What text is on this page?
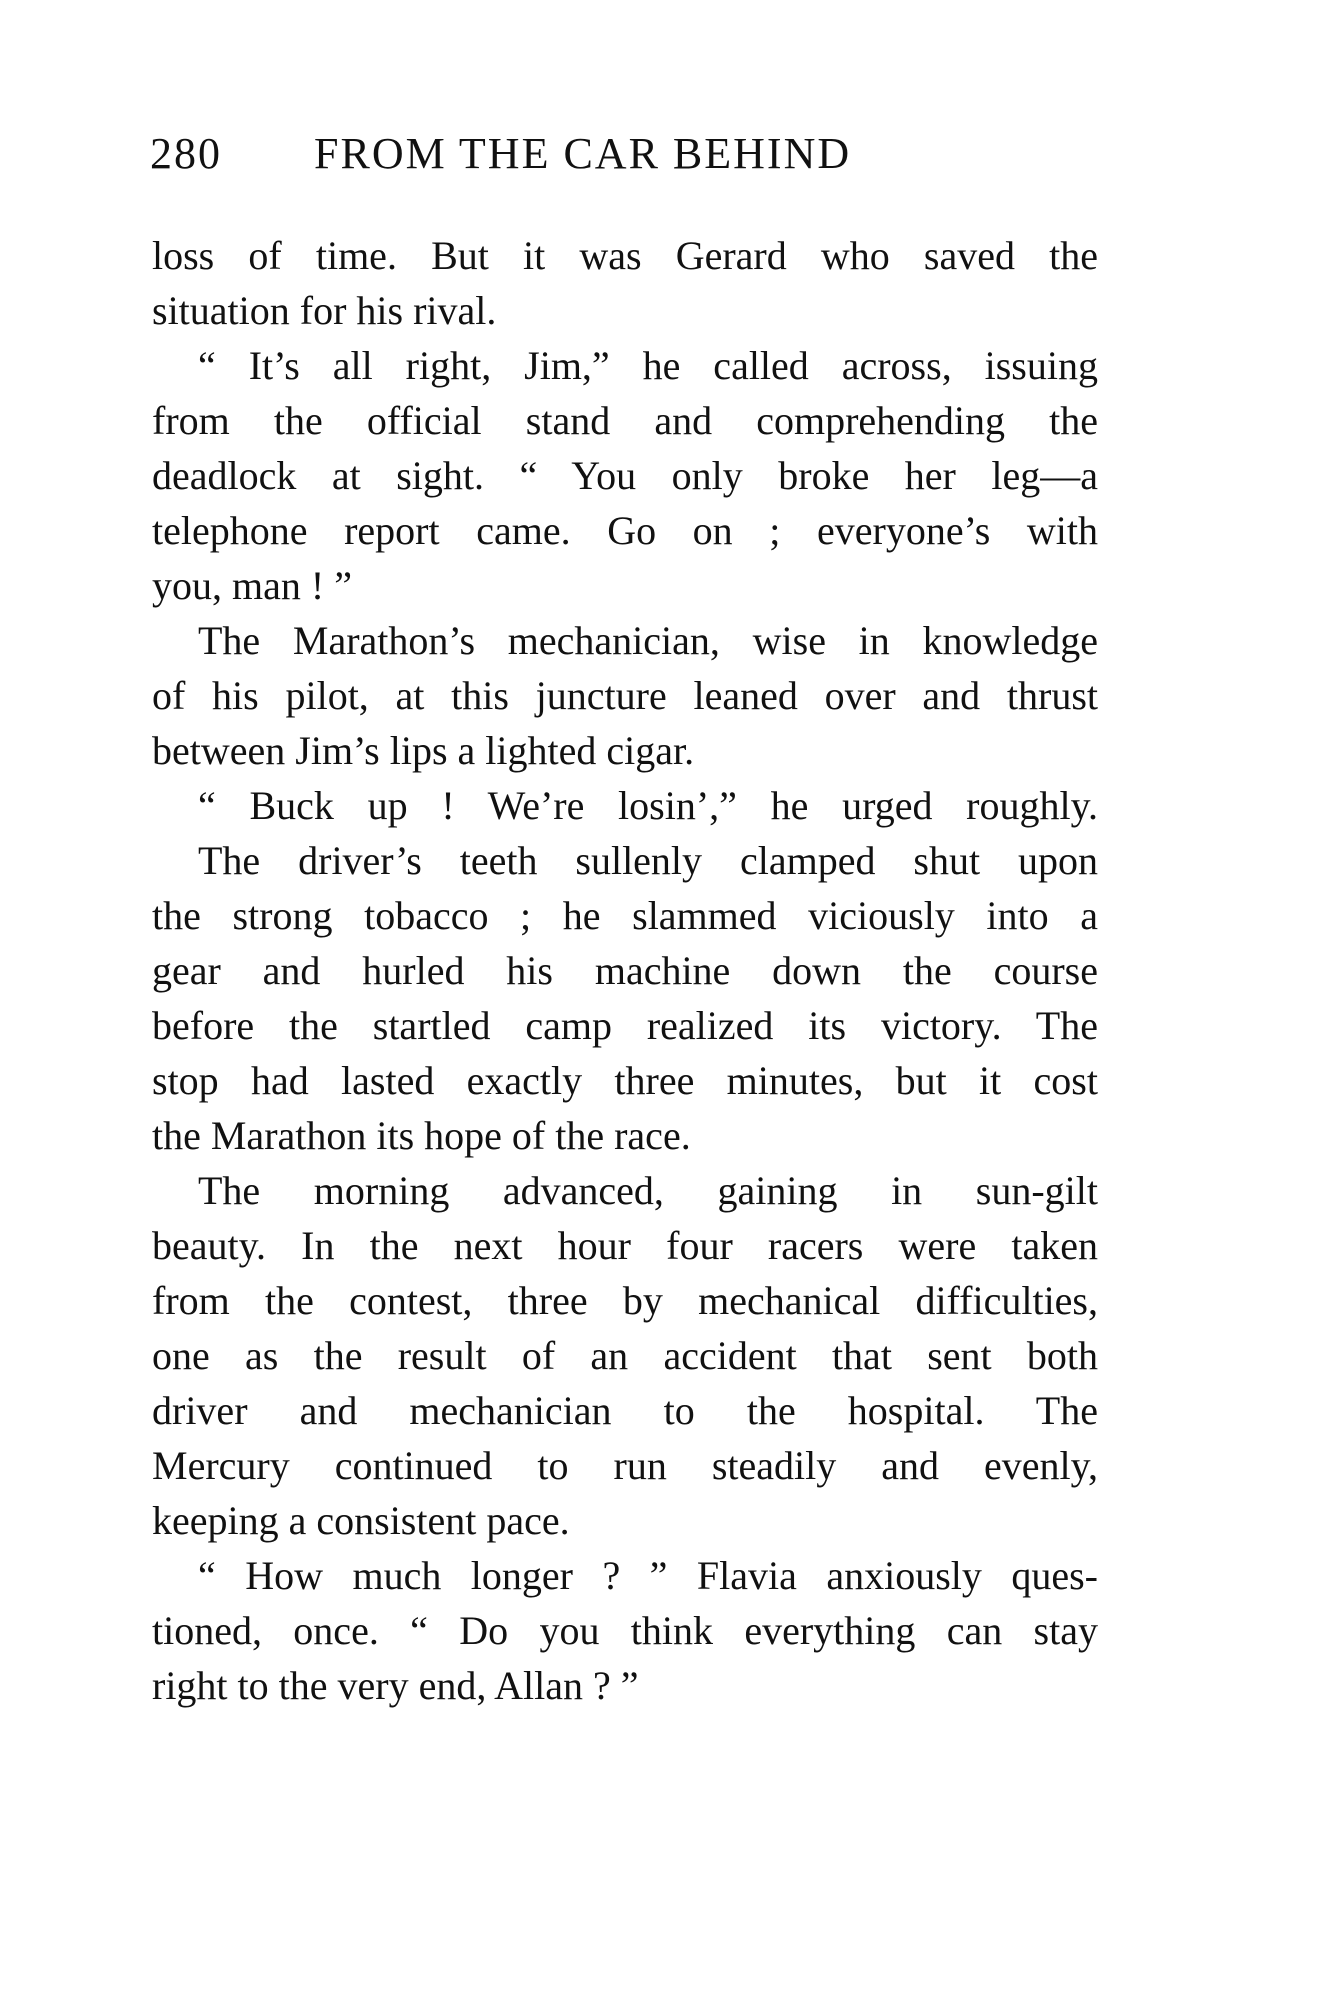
280 FROM THE CAR BEHIND
loss of time. But it was Gerard who saved the
situation for his rival.
“ It’s all right, Jim,” he called across, issuing
from the official stand and comprehending the
deadlock at sight. “ You only broke her leg—a
telephone report came. Go on ; everyone’s with
you, man ! ”
The Marathon’s mechanician, wise in knowledge
of his pilot, at this juncture leaned over and thrust
between Jim’s lips a lighted cigar.
“ Buck up ! We’re losin’,” he urged roughly.
The driver’s teeth sullenly clamped shut upon
the strong tobacco ; he slammed viciously into a
gear and hurled his machine down the course
before the startled camp realized its victory. The
stop had lasted exactly three minutes, but it cost
the Marathon its hope of the race.
The morning advanced, gaining in sun-gilt
beauty. In the next hour four racers were taken
from the contest, three by mechanical difficulties,
one as the result of an accident that sent both
driver and mechanician to the hospital. The
Mercury continued to run steadily and evenly,
keeping a consistent pace.
“ How much longer ? ” Flavia anxiously ques-
tioned, once. “ Do you think everything can stay
right to the very end, Allan ? ”
